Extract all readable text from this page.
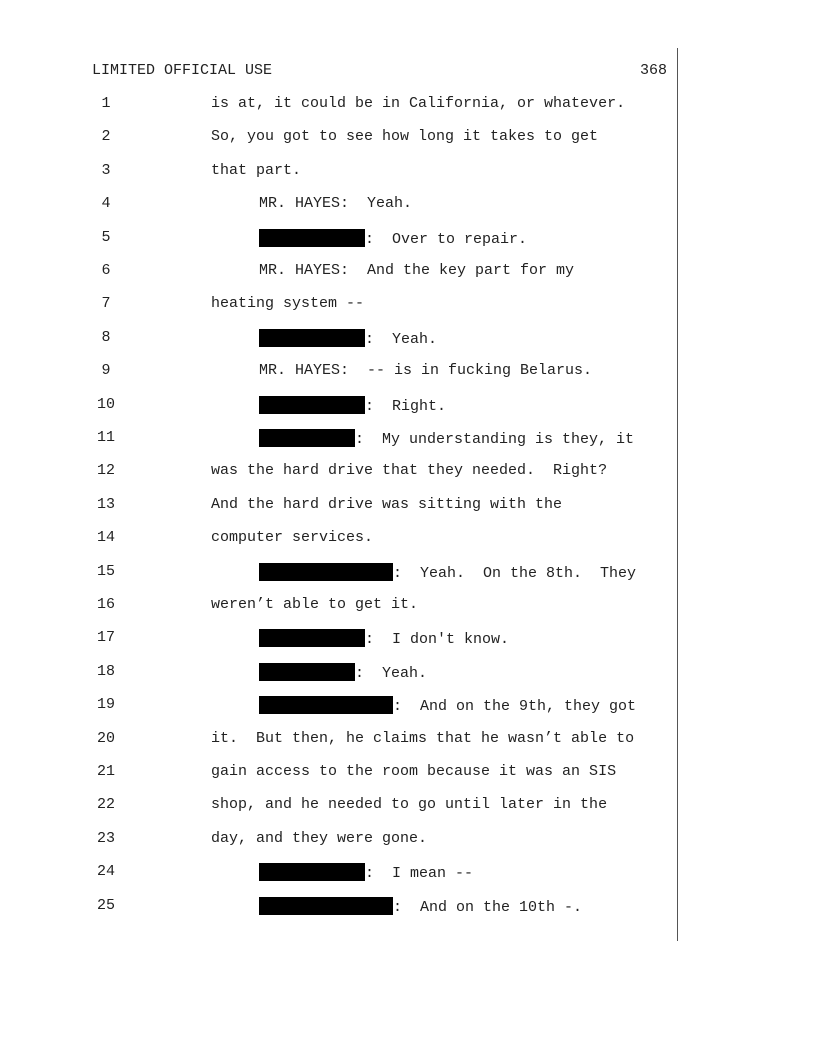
LIMITED OFFICIAL USE	368
1	is at, it could be in California, or whatever.
2	So, you got to see how long it takes to get
3	that part.
4	MR. HAYES:  Yeah.
5	:  Over to repair.
6	MR. HAYES:  And the key part for my
7	heating system --
8	:  Yeah.
9	MR. HAYES:  -- is in fucking Belarus.
10	:  Right.
11	:  My understanding is they, it
12	was the hard drive that they needed.  Right?
13	And the hard drive was sitting with the
14	computer services.
15	:  Yeah.  On the 8th.  They
16	weren’t able to get it.
17	:  I don't know.
18	:  Yeah.
19	:  And on the 9th, they got
20	it.  But then, he claims that he wasn’t able to
21	gain access to the room because it was an SIS
22	shop, and he needed to go until later in the
23	day, and they were gone.
24	:  I mean --
25	:  And on the 10th -.
